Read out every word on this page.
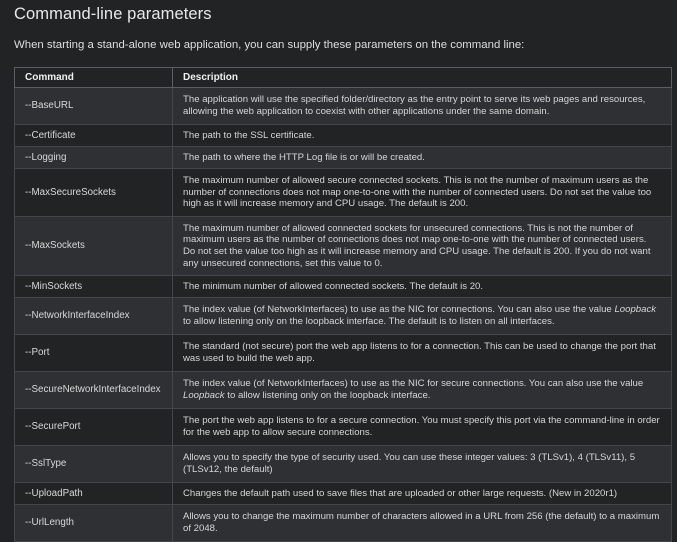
Command-line parameters

When starting a stand-alone web application, you can supply these parameters on the command line:

Command	Description
--BaseURL	The application will use the specified folder/directory as the entry point to serve its web pages and resources, allowing the web application to coexist with other applications under the same domain.
--Certificate	The path to the SSL certificate.
--Logging	The path to where the HTTP Log file is or will be created.
--MaxSecureSockets	The maximum number of allowed secure connected sockets. This is not the number of maximum users as the number of connections does not map one-to-one with the number of connected users. Do not set the value too high as it will increase memory and CPU usage. The default is 200.
--MaxSockets	The maximum number of allowed connected sockets for unsecured connections. This is not the number of maximum users as the number of connections does not map one-to-one with the number of connected users. Do not set the value too high as it will increase memory and CPU usage. The default is 200. If you do not want any unsecured connections, set this value to 0.
--MinSockets	The minimum number of allowed connected sockets. The default is 20.
--NetworkInterfaceIndex	The index value (of NetworkInterfaces) to use as the NIC for connections. You can also use the value Loopback to allow listening only on the loopback interface. The default is to listen on all interfaces.
--Port	The standard (not secure) port the web app listens to for a connection. This can be used to change the port that was used to build the web app.
--SecureNetworkInterfaceIndex	The index value (of NetworkInterfaces) to use as the NIC for secure connections. You can also use the value Loopback to allow listening only on the loopback interface.
--SecurePort	The port the web app listens to for a secure connection. You must specify this port via the command-line in order for the web app to allow secure connections.
--SslType	Allows you to specify the type of security used. You can use these integer values: 3 (TLSv1), 4 (TLSv11), 5 (TLSv12, the default)
--UploadPath	Changes the default path used to save files that are uploaded or other large requests. (New in 2020r1)
--UrlLength	Allows you to change the maximum number of characters allowed in a URL from 256 (the default) to a maximum of 2048.
